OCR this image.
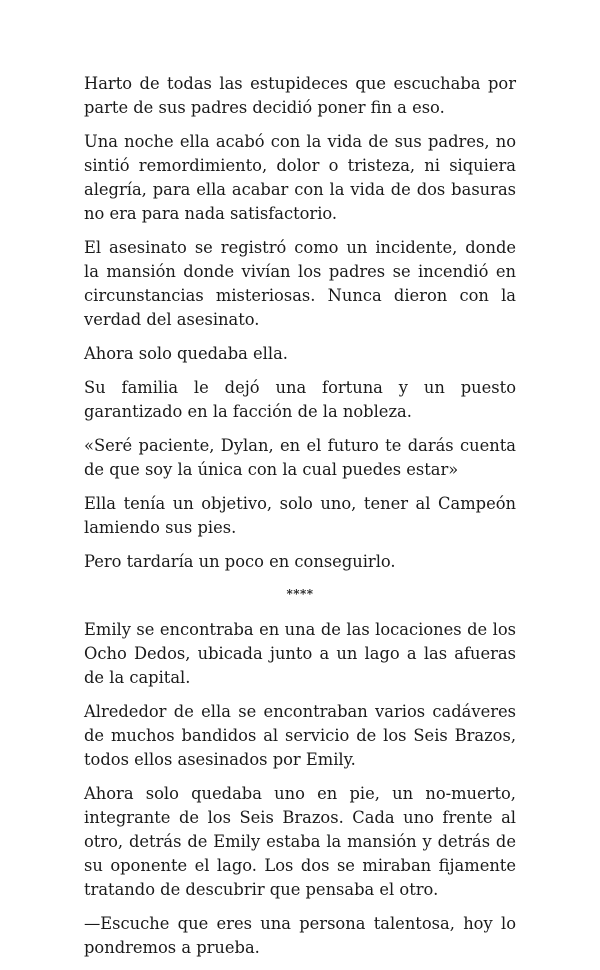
Harto de todas las estupideces que escuchaba por parte de sus padres decidió poner fin a eso.

Una noche ella acabó con la vida de sus padres, no sintió remordimiento, dolor o tristeza, ni siquiera alegría, para ella acabar con la vida de dos basuras no era para nada satisfactorio.

El asesinato se registró como un incidente, donde la mansión donde vivían los padres se incendió en circunstancias misteriosas. Nunca dieron con la verdad del asesinato.

Ahora solo quedaba ella.

Su familia le dejó una fortuna y un puesto garantizado en la facción de la nobleza.

«Seré paciente, Dylan, en el futuro te darás cuenta de que soy la única con la cual puedes estar»

Ella tenía un objetivo, solo uno, tener al Campeón lamiendo sus pies.

Pero tardaría un poco en conseguirlo.

****

Emily se encontraba en una de las locaciones de los Ocho Dedos, ubicada junto a un lago a las afueras de la capital.

Alrededor de ella se encontraban varios cadáveres de muchos bandidos al servicio de los Seis Brazos, todos ellos asesinados por Emily.

Ahora solo quedaba uno en pie, un no-muerto, integrante de los Seis Brazos. Cada uno frente al otro, detrás de Emily estaba la mansión y detrás de su oponente el lago. Los dos se miraban fijamente tratando de descubrir que pensaba el otro.

—Escuche que eres una persona talentosa, hoy lo pondremos a prueba.
